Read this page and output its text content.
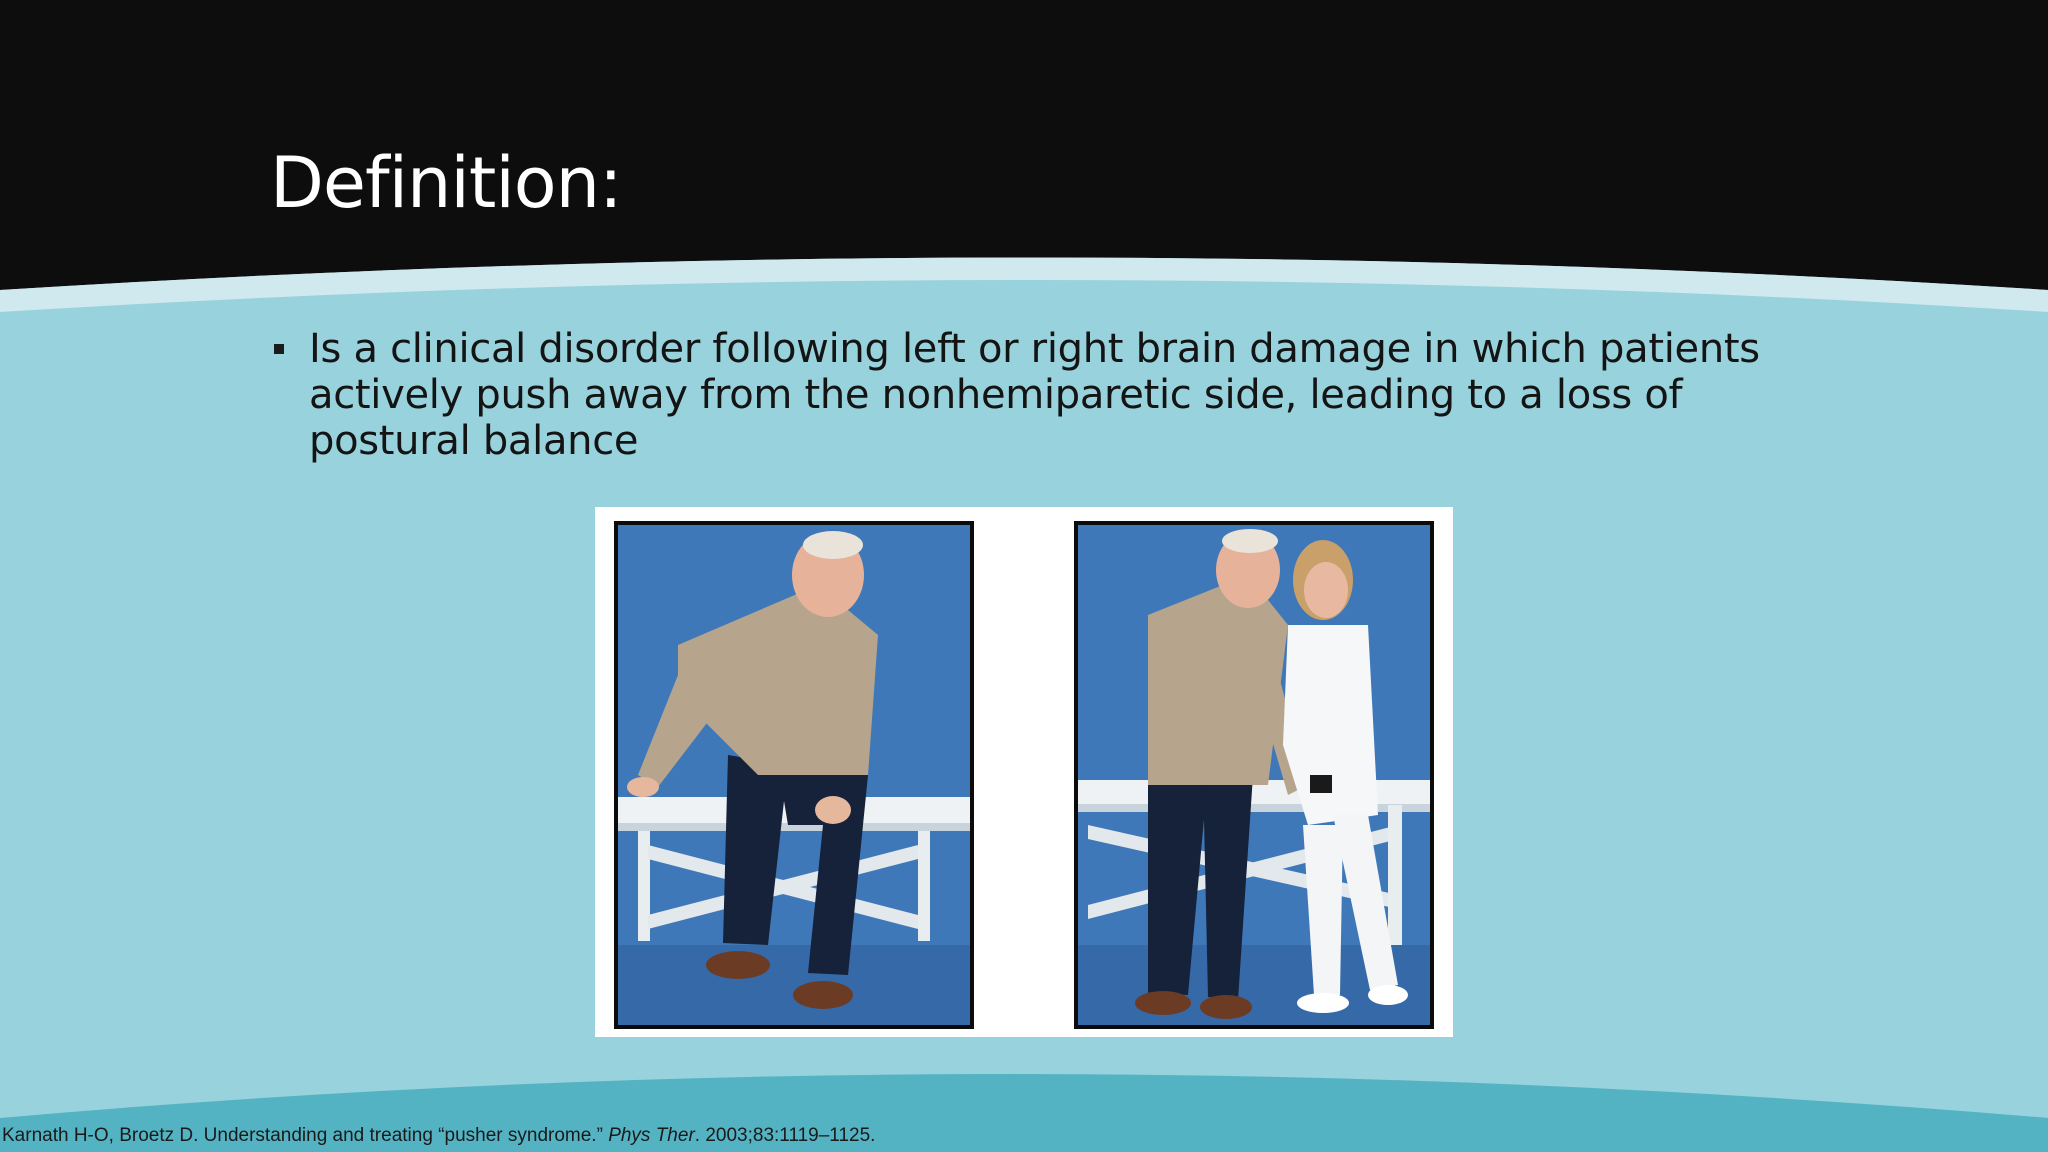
Definition:

Is a clinical disorder following left or right brain damage in which patients actively push away from the nonhemiparetic side, leading to a loss of postural balance

Karnath H-O, Broetz D. Understanding and treating “pusher syndrome.” Phys Ther. 2003;83:1119–1125.
